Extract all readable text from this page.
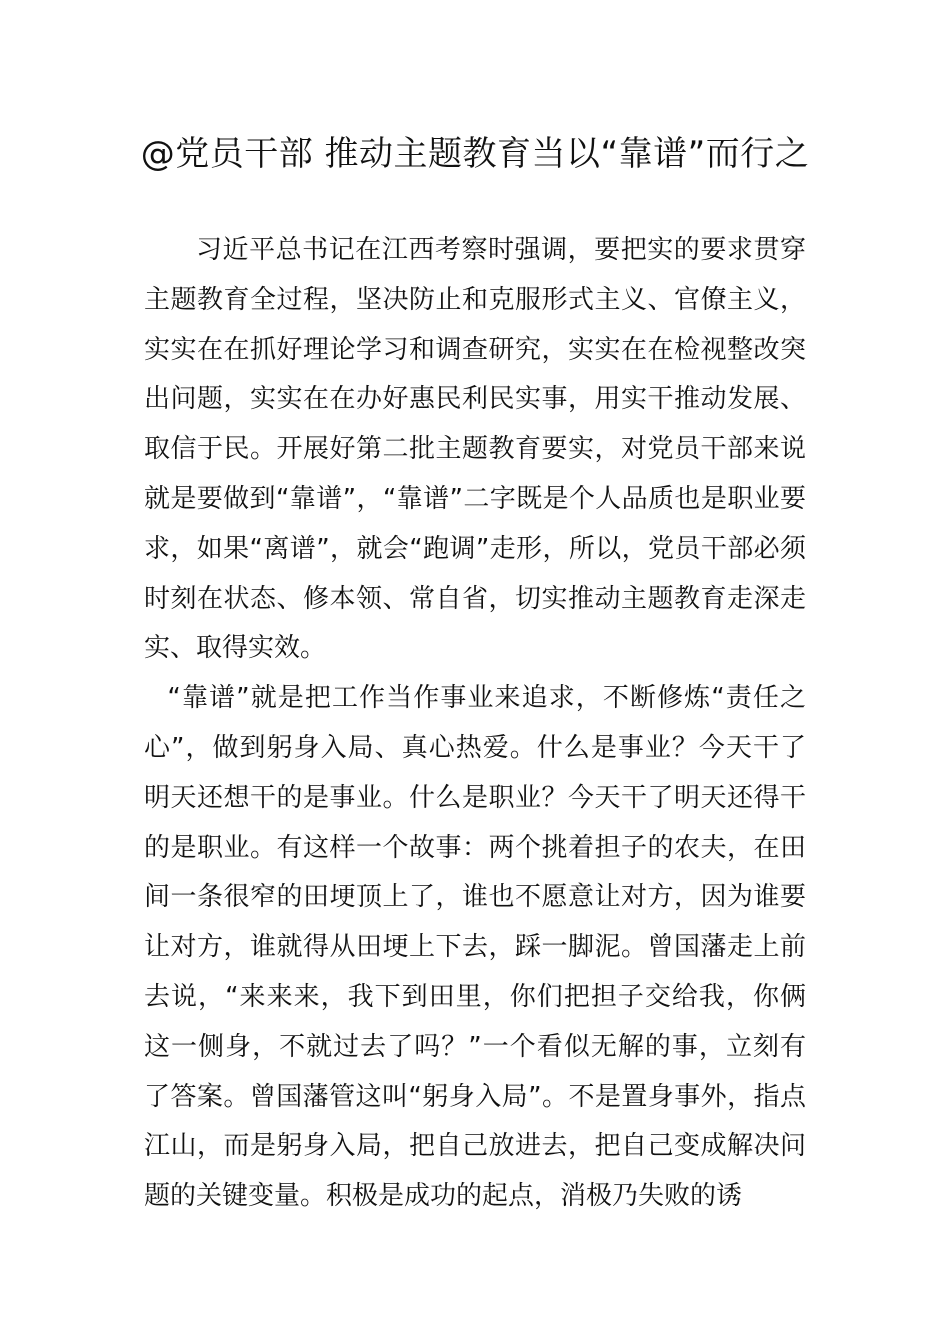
@党员干部 推动主题教育当以“靠谱”而行之

习近平总书记在江西考察时强调，要把实的要求贯穿主题教育全过程，坚决防止和克服形式主义、官僚主义，实实在在抓好理论学习和调查研究，实实在在检视整改突出问题，实实在在办好惠民利民实事，用实干推动发展、取信于民。开展好第二批主题教育要实，对党员干部来说就是要做到“靠谱”，“靠谱”二字既是个人品质也是职业要求，如果“离谱”，就会“跑调”走形，所以，党员干部必须时刻在状态、修本领、常自省，切实推动主题教育走深走实、取得实效。

“靠谱”就是把工作当作事业来追求，不断修炼“责任之心”，做到躬身入局、真心热爱。什么是事业？今天干了明天还想干的是事业。什么是职业？今天干了明天还得干的是职业。有这样一个故事：两个挑着担子的农夫，在田间一条很窄的田埂顶上了，谁也不愿意让对方，因为谁要让对方，谁就得从田埂上下去，踩一脚泥。曾国藩走上前去说，“来来来，我下到田里，你们把担子交给我，你俩这一侧身，不就过去了吗？”一个看似无解的事，立刻有了答案。曾国藩管这叫“躬身入局”。不是置身事外，指点江山，而是躬身入局，把自己放进去，把自己变成解决问题的关键变量。积极是成功的起点，消极乃失败的诱
